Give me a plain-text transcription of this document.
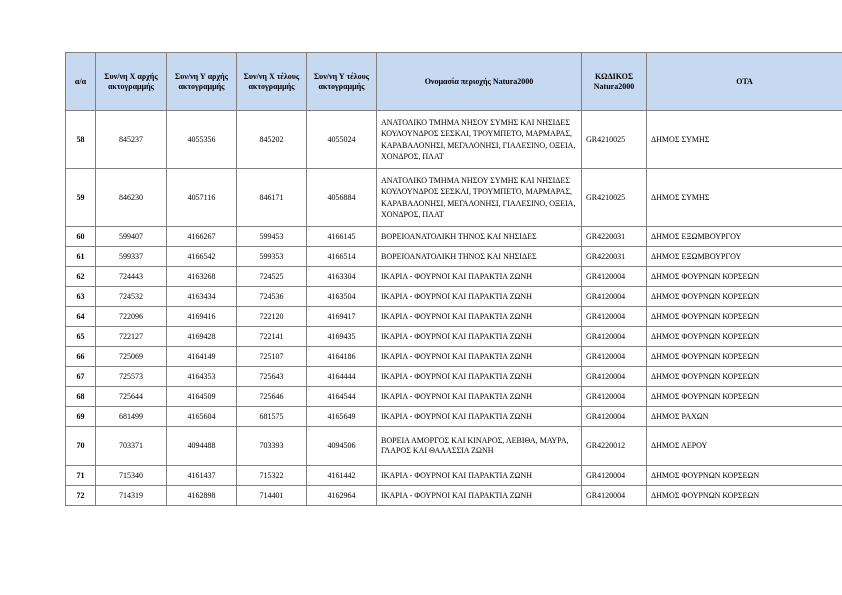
α/α	Συν/νη Χ αρχής ακτογραμμής	Συν/νη Υ αρχής ακτογραμμής	Συν/νη Χ τέλους ακτογραμμής	Συν/νη Υ τέλους ακτογραμμής	Ονομασία περιοχής Natura2000	ΚΩΔΙΚΟΣ Natura2000	ΟΤΑ
58	845237	4055356	845202	4055024	ΑΝΑΤΟΛΙΚΟ ΤΜΗΜΑ ΝΗΣΟΥ ΣΥΜΗΣ ΚΑΙ ΝΗΣΙΔΕΣ ΚΟΥΛΟΥΝΔΡΟΣ ΣΕΣΚΛΙ, ΤΡΟΥΜΠΕΤΟ, ΜΑΡΜΑΡΑΣ, ΚΑΡΑΒΑΛΟΝΗΣΙ, ΜΕΓΑΛΟΝΗΣΙ, ΓΙΑΛΕΣΙΝΟ, ΟΞΕΙΑ, ΧΟΝΔΡΟΣ, ΠΛΑΤ	GR4210025	ΔΗΜΟΣ ΣΥΜΗΣ
59	846230	4057116	846171	4056884	ΑΝΑΤΟΛΙΚΟ ΤΜΗΜΑ ΝΗΣΟΥ ΣΥΜΗΣ ΚΑΙ ΝΗΣΙΔΕΣ ΚΟΥΛΟΥΝΔΡΟΣ ΣΕΣΚΛΙ, ΤΡΟΥΜΠΕΤΟ, ΜΑΡΜΑΡΑΣ, ΚΑΡΑΒΑΛΟΝΗΣΙ, ΜΕΓΑΛΟΝΗΣΙ, ΓΙΑΛΕΣΙΝΟ, ΟΞΕΙΑ, ΧΟΝΔΡΟΣ, ΠΛΑΤ	GR4210025	ΔΗΜΟΣ ΣΥΜΗΣ
60	599407	4166267	599453	4166145	ΒΟΡΕΙΟΑΝΑΤΟΛΙΚΗ ΤΗΝΟΣ ΚΑΙ ΝΗΣΙΔΕΣ	GR4220031	ΔΗΜΟΣ ΕΞΩΜΒΟΥΡΓΟΥ
61	599337	4166542	599353	4166514	ΒΟΡΕΙΟΑΝΑΤΟΛΙΚΗ ΤΗΝΟΣ ΚΑΙ ΝΗΣΙΔΕΣ	GR4220031	ΔΗΜΟΣ ΕΞΩΜΒΟΥΡΓΟΥ
62	724443	4163268	724525	4163304	ΙΚΑΡΙΑ - ΦΟΥΡΝΟΙ ΚΑΙ ΠΑΡΑΚΤΙΑ ΖΩΝΗ	GR4120004	ΔΗΜΟΣ ΦΟΥΡΝΩΝ ΚΟΡΣΕΩΝ
63	724532	4163434	724536	4163504	ΙΚΑΡΙΑ - ΦΟΥΡΝΟΙ ΚΑΙ ΠΑΡΑΚΤΙΑ ΖΩΝΗ	GR4120004	ΔΗΜΟΣ ΦΟΥΡΝΩΝ ΚΟΡΣΕΩΝ
64	722096	4169416	722120	4169417	ΙΚΑΡΙΑ - ΦΟΥΡΝΟΙ ΚΑΙ ΠΑΡΑΚΤΙΑ ΖΩΝΗ	GR4120004	ΔΗΜΟΣ ΦΟΥΡΝΩΝ ΚΟΡΣΕΩΝ
65	722127	4169428	722141	4169435	ΙΚΑΡΙΑ - ΦΟΥΡΝΟΙ ΚΑΙ ΠΑΡΑΚΤΙΑ ΖΩΝΗ	GR4120004	ΔΗΜΟΣ ΦΟΥΡΝΩΝ ΚΟΡΣΕΩΝ
66	725069	4164149	725107	4164186	ΙΚΑΡΙΑ - ΦΟΥΡΝΟΙ ΚΑΙ ΠΑΡΑΚΤΙΑ ΖΩΝΗ	GR4120004	ΔΗΜΟΣ ΦΟΥΡΝΩΝ ΚΟΡΣΕΩΝ
67	725573	4164353	725643	4164444	ΙΚΑΡΙΑ - ΦΟΥΡΝΟΙ ΚΑΙ ΠΑΡΑΚΤΙΑ ΖΩΝΗ	GR4120004	ΔΗΜΟΣ ΦΟΥΡΝΩΝ ΚΟΡΣΕΩΝ
68	725644	4164509	725646	4164544	ΙΚΑΡΙΑ - ΦΟΥΡΝΟΙ ΚΑΙ ΠΑΡΑΚΤΙΑ ΖΩΝΗ	GR4120004	ΔΗΜΟΣ ΦΟΥΡΝΩΝ ΚΟΡΣΕΩΝ
69	681499	4165604	681575	4165649	ΙΚΑΡΙΑ - ΦΟΥΡΝΟΙ ΚΑΙ ΠΑΡΑΚΤΙΑ ΖΩΝΗ	GR4120004	ΔΗΜΟΣ ΡΑΧΩΝ
70	703371	4094488	703393	4094506	ΒΟΡΕΙΑ ΑΜΟΡΓΟΣ ΚΑΙ ΚΙΝΑΡΟΣ, ΛΕΒΙΘΑ, ΜΑΥΡΑ, ΓΛΑΡΟΣ ΚΑΙ ΘΑΛΑΣΣΙΑ ΖΩΝΗ	GR4220012	ΔΗΜΟΣ ΛΕΡΟΥ
71	715340	4161437	715322	4161442	ΙΚΑΡΙΑ - ΦΟΥΡΝΟΙ ΚΑΙ ΠΑΡΑΚΤΙΑ ΖΩΝΗ	GR4120004	ΔΗΜΟΣ ΦΟΥΡΝΩΝ ΚΟΡΣΕΩΝ
72	714319	4162898	714401	4162964	ΙΚΑΡΙΑ - ΦΟΥΡΝΟΙ ΚΑΙ ΠΑΡΑΚΤΙΑ ΖΩΝΗ	GR4120004	ΔΗΜΟΣ ΦΟΥΡΝΩΝ ΚΟΡΣΕΩΝ
